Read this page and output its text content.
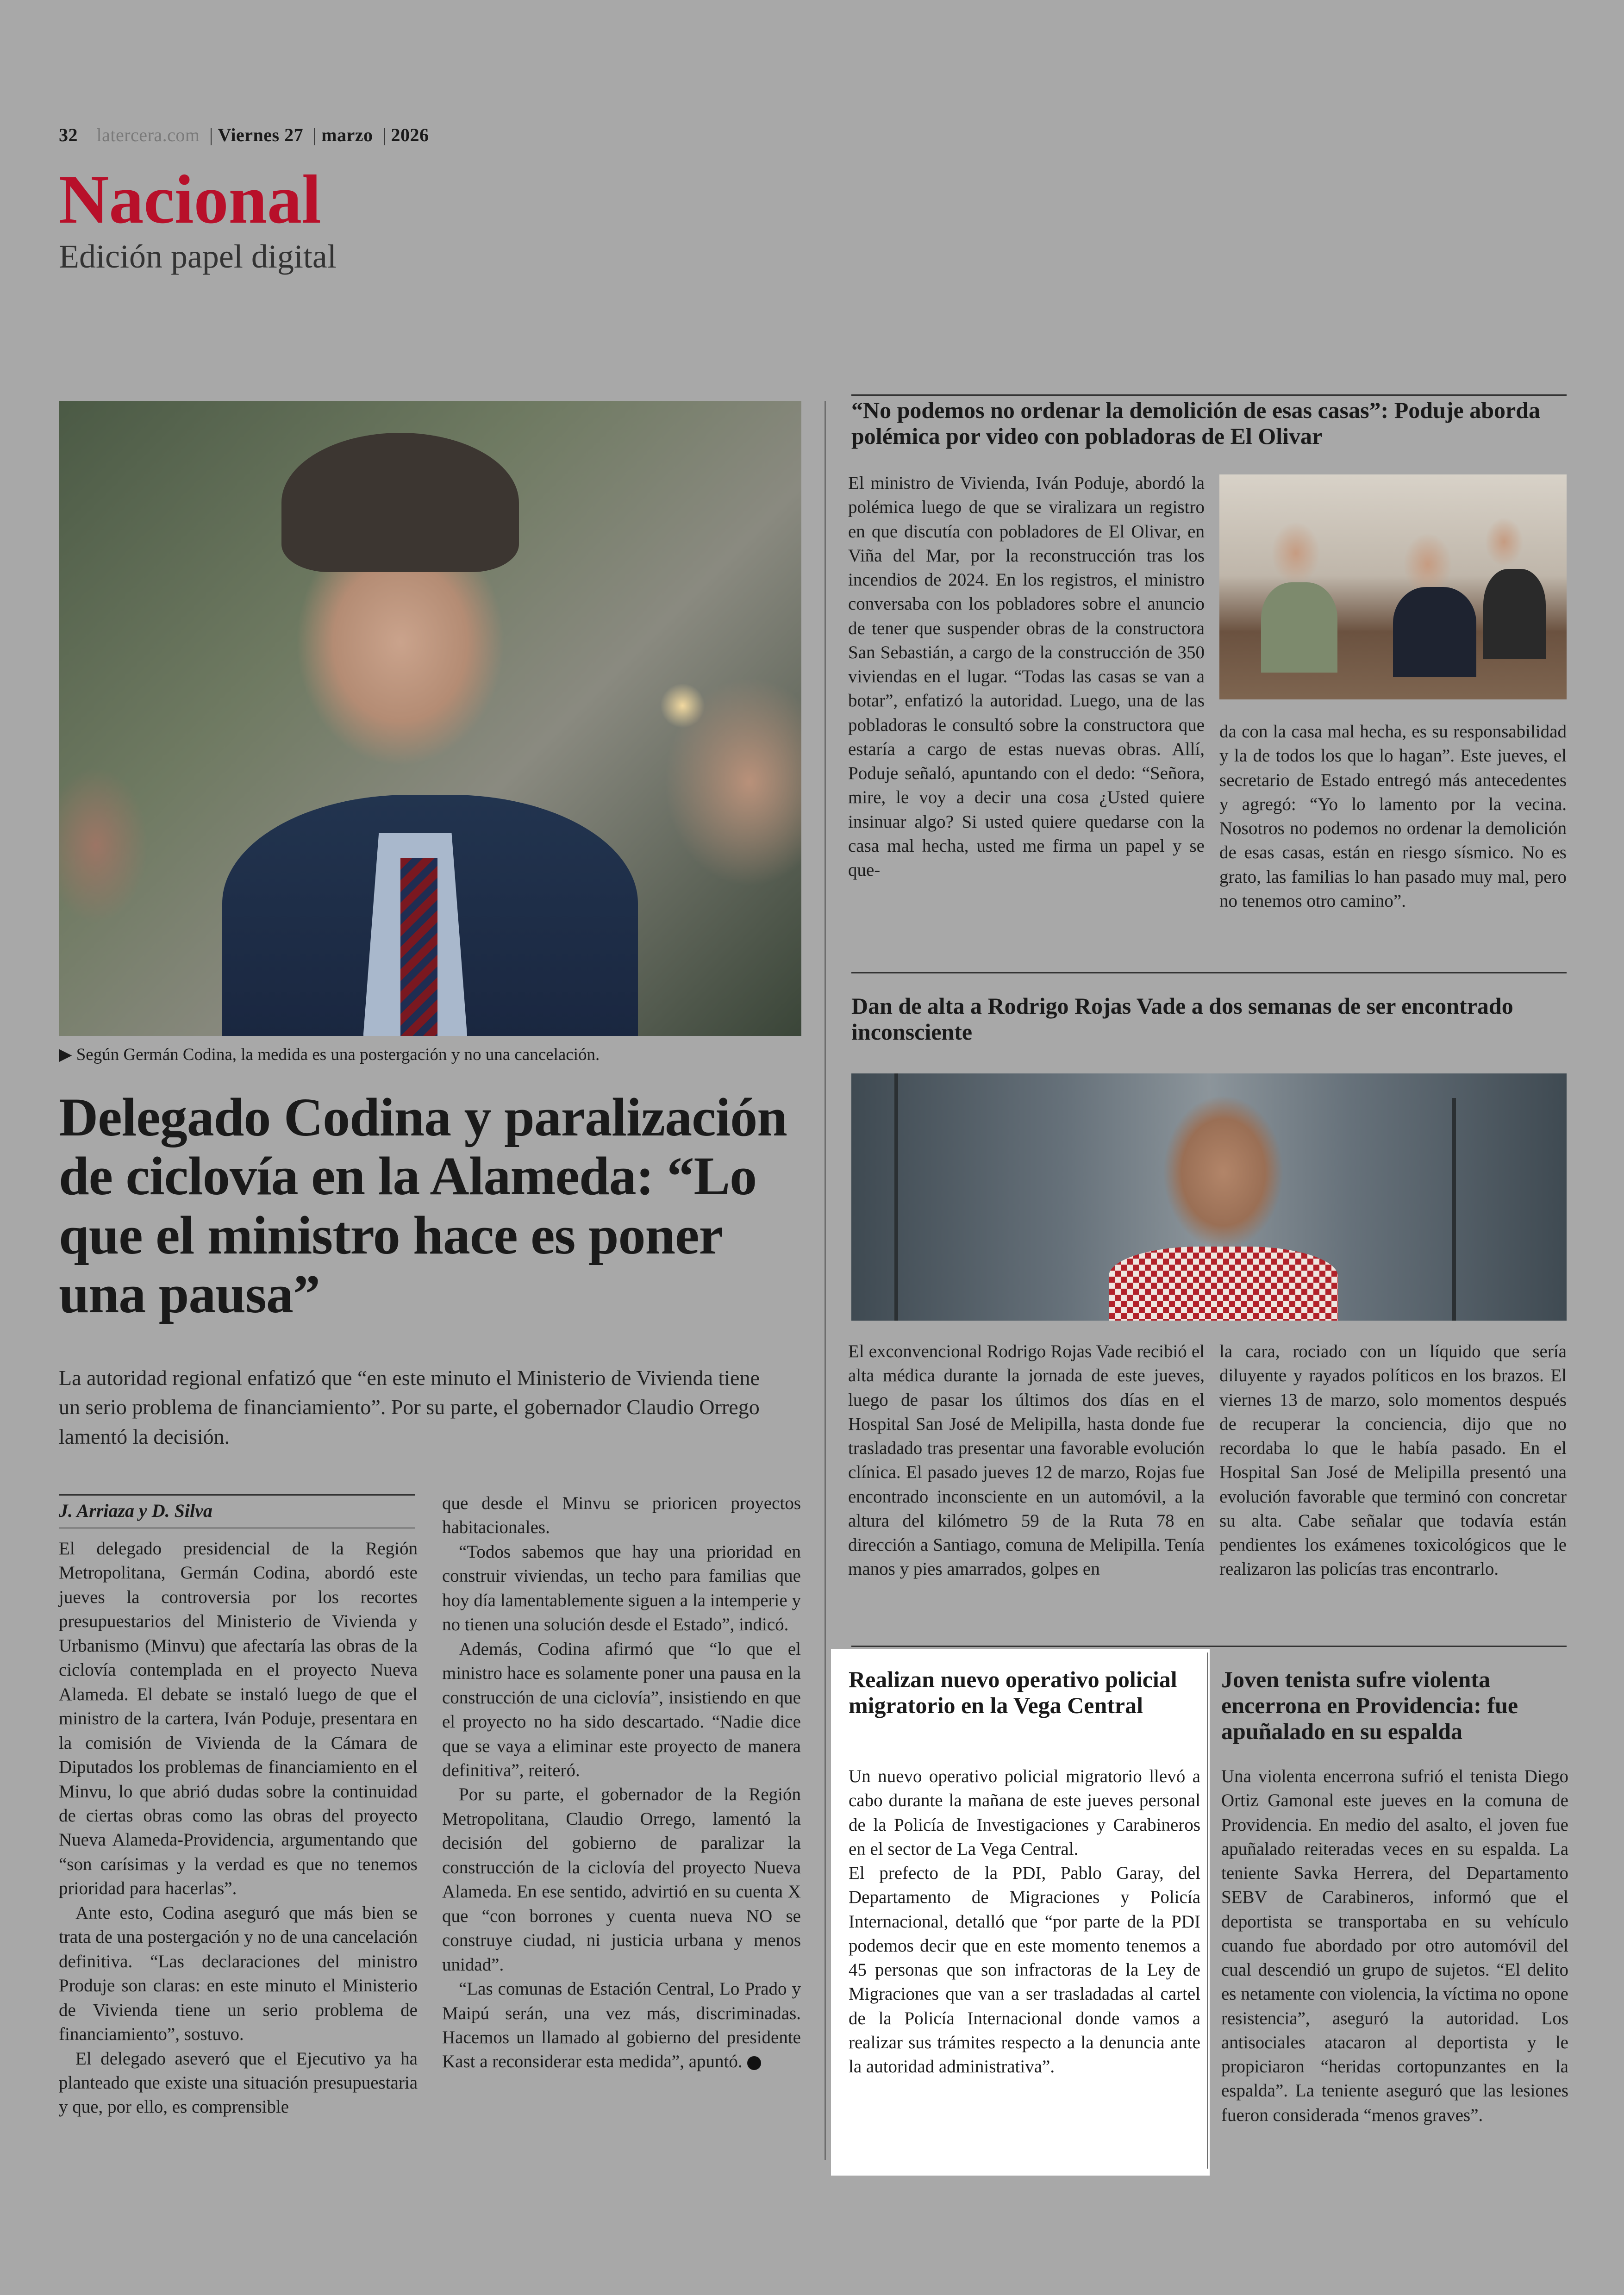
32 latercera.com | Viernes 27 | marzo | 2026
Nacional
Edición papel digital
▶ Según Germán Codina, la medida es una postergación y no una cancelación.
Delegado Codina y paralización de ciclovía en la Alameda: “Lo que el ministro hace es poner una pausa”
La autoridad regional enfatizó que “en este minuto el Ministerio de Vivienda tiene un serio problema de financiamiento”. Por su parte, el gobernador Claudio Orrego lamentó la decisión.
J. Arriaza y D. Silva

El delegado presidencial de la Región Metropolitana, Germán Codina, abordó este jueves la controversia por los recortes presupuestarios del Ministerio de Vivienda y Urbanismo (Minvu) que afectaría las obras de la ciclovía contemplada en el proyecto Nueva Alameda. El debate se instaló luego de que el ministro de la cartera, Iván Poduje, presentara en la comisión de Vivienda de la Cámara de Diputados los problemas de financiamiento en el Minvu, lo que abrió dudas sobre la continuidad de ciertas obras como las obras del proyecto Nueva Alameda-Providencia, argumentando que “son carísimas y la verdad es que no tenemos prioridad para hacerlas”.

Ante esto, Codina aseguró que más bien se trata de una postergación y no de una cancelación definitiva. “Las declaraciones del ministro Produje son claras: en este minuto el Ministerio de Vivienda tiene un serio problema de financiamiento”, sostuvo.

El delegado aseveró que el Ejecutivo ya ha planteado que existe una situación presupuestaria y que, por ello, es comprensible

que desde el Minvu se prioricen proyectos habitacionales.

“Todos sabemos que hay una prioridad en construir viviendas, un techo para familias que hoy día lamentablemente siguen a la intemperie y no tienen una solución desde el Estado”, indicó.

Además, Codina afirmó que “lo que el ministro hace es solamente poner una pausa en la construcción de una ciclovía”, insistiendo en que el proyecto no ha sido descartado. “Nadie dice que se vaya a eliminar este proyecto de manera definitiva”, reiteró.

Por su parte, el gobernador de la Región Metropolitana, Claudio Orrego, lamentó la decisión del gobierno de paralizar la construcción de la ciclovía del proyecto Nueva Alameda. En ese sentido, advirtió en su cuenta X que “con borrones y cuenta nueva NO se construye ciudad, ni justicia urbana y menos unidad”.

“Las comunas de Estación Central, Lo Prado y Maipú serán, una vez más, discriminadas. Hacemos un llamado al gobierno del presidente Kast a reconsiderar esta medida”, apuntó.

“No podemos no ordenar la demolición de esas casas”: Poduje aborda polémica por video con pobladoras de El Olivar
El ministro de Vivienda, Iván Poduje, abordó la polémica luego de que se viralizara un registro en que discutía con pobladores de El Olivar, en Viña del Mar, por la reconstrucción tras los incendios de 2024. En los registros, el ministro conversaba con los pobladores sobre el anuncio de tener que suspender obras de la constructora San Sebastián, a cargo de la construcción de 350 viviendas en el lugar. “Todas las casas se van a botar”, enfatizó la autoridad. Luego, una de las pobladoras le consultó sobre la constructora que estaría a cargo de estas nuevas obras. Allí, Poduje señaló, apuntando con el dedo: “Señora, mire, le voy a decir una cosa ¿Usted quiere insinuar algo? Si usted quiere quedarse con la casa mal hecha, usted me firma un papel y se que-
da con la casa mal hecha, es su responsabilidad y la de todos los que lo hagan”. Este jueves, el secretario de Estado entregó más antecedentes y agregó: “Yo lo lamento por la vecina. Nosotros no podemos no ordenar la demolición de esas casas, están en riesgo sísmico. No es grato, las familias lo han pasado muy mal, pero no tenemos otro camino”.
Dan de alta a Rodrigo Rojas Vade a dos semanas de ser encontrado inconsciente
El exconvencional Rodrigo Rojas Vade recibió el alta médica durante la jornada de este jueves, luego de pasar los últimos dos días en el Hospital San José de Melipilla, hasta donde fue trasladado tras presentar una favorable evolución clínica. El pasado jueves 12 de marzo, Rojas fue encontrado inconsciente en un automóvil, a la altura del kilómetro 59 de la Ruta 78 en dirección a Santiago, comuna de Melipilla. Tenía manos y pies amarrados, golpes en
la cara, rociado con un líquido que sería diluyente y rayados políticos en los brazos. El viernes 13 de marzo, solo momentos después de recuperar la conciencia, dijo que no recordaba lo que le había pasado. En el Hospital San José de Melipilla presentó una evolución favorable que terminó con concretar su alta. Cabe señalar que todavía están pendientes los exámenes toxicológicos que le realizaron las policías tras encontrarlo.
Realizan nuevo operativo policial migratorio en la Vega Central

Un nuevo operativo policial migratorio llevó a cabo durante la mañana de este jueves personal de la Policía de Investigaciones y Carabineros en el sector de La Vega Central.

El prefecto de la PDI, Pablo Garay, del Departamento de Migraciones y Policía Internacional, detalló que “por parte de la PDI podemos decir que en este momento tenemos a 45 personas que son infractoras de la Ley de Migraciones que van a ser trasladadas al cartel de la Policía Internacional donde vamos a realizar sus trámites respecto a la denuncia ante la autoridad administrativa”.

Joven tenista sufre violenta encerrona en Providencia: fue apuñalado en su espalda
Una violenta encerrona sufrió el tenista Diego Ortiz Gamonal este jueves en la comuna de Providencia. En medio del asalto, el joven fue apuñalado reiteradas veces en su espalda. La teniente Savka Herrera, del Departamento SEBV de Carabineros, informó que el deportista se transportaba en su vehículo cuando fue abordado por otro automóvil del cual descendió un grupo de sujetos. “El delito es netamente con violencia, la víctima no opone resistencia”, aseguró la autoridad. Los antisociales atacaron al deportista y le propiciaron “heridas cortopunzantes en la espalda”. La teniente aseguró que las lesiones fueron considerada “menos graves”.
